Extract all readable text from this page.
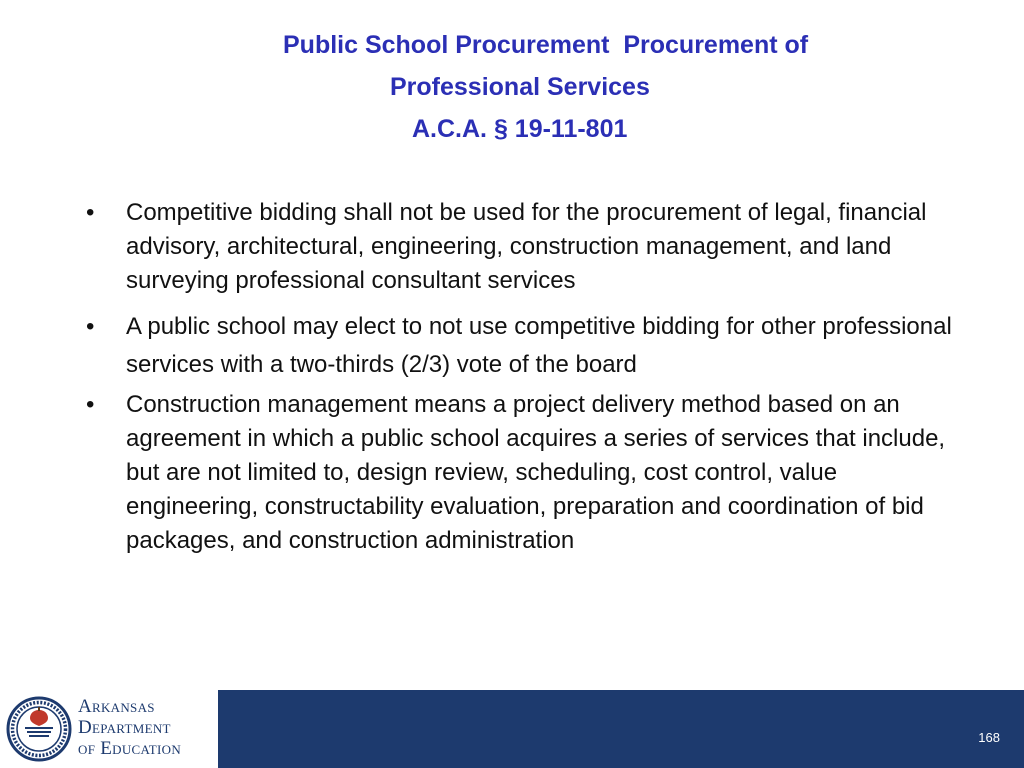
Public School Procurement  Procurement of
Professional Services
A.C.A. § 19-11-801
• Competitive bidding shall not be used for the procurement of legal, financial advisory, architectural, engineering, construction management, and land surveying professional consultant services
• A public school may elect to not use competitive bidding for other professional services with a two-thirds (2/3) vote of the board
• Construction management means a project delivery method based on an agreement in which a public school acquires a series of services that include, but are not limited to, design review, scheduling, cost control, value engineering, constructability evaluation, preparation and coordination of bid packages, and construction administration
Arkansas
Department
of Education
168
